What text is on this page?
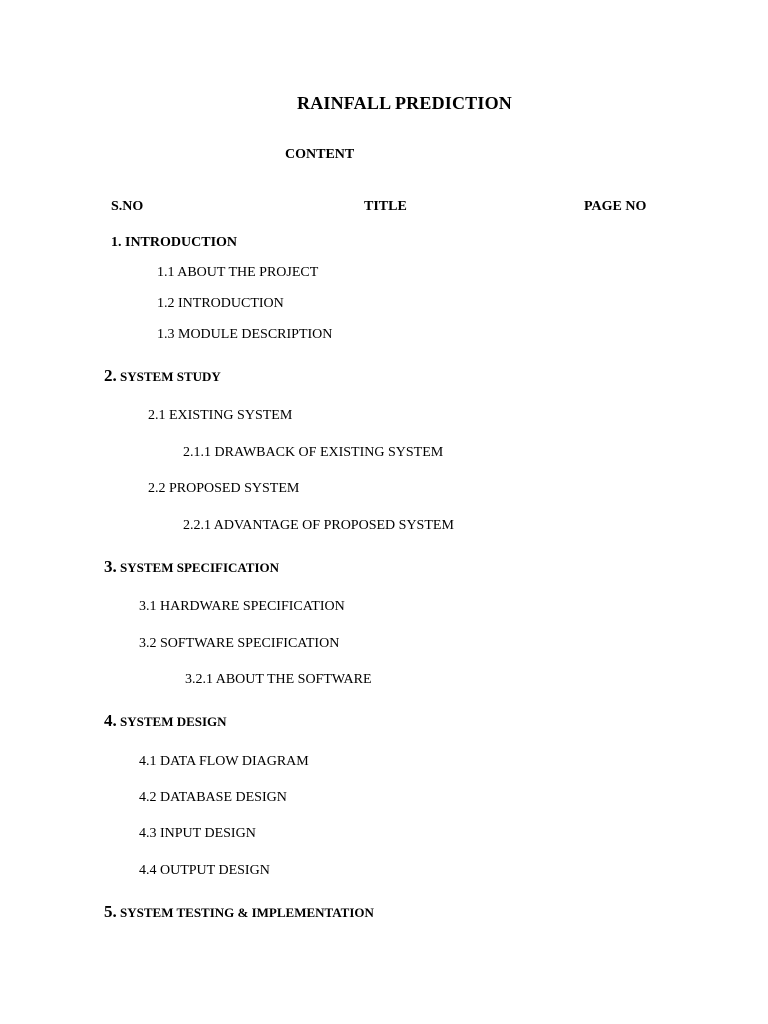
RAINFALL PREDICTION
CONTENT
S.NO	TITLE	PAGE NO
1. INTRODUCTION
1.1 ABOUT THE PROJECT
1.2 INTRODUCTION
1.3 MODULE DESCRIPTION
2. SYSTEM STUDY
2.1 EXISTING SYSTEM
2.1.1 DRAWBACK OF EXISTING SYSTEM
2.2 PROPOSED SYSTEM
2.2.1 ADVANTAGE OF PROPOSED SYSTEM
3. SYSTEM SPECIFICATION
3.1 HARDWARE SPECIFICATION
3.2 SOFTWARE SPECIFICATION
3.2.1 ABOUT THE SOFTWARE
4. SYSTEM DESIGN
4.1 DATA FLOW DIAGRAM
4.2 DATABASE DESIGN
4.3 INPUT DESIGN
4.4 OUTPUT DESIGN
5. SYSTEM TESTING & IMPLEMENTATION
